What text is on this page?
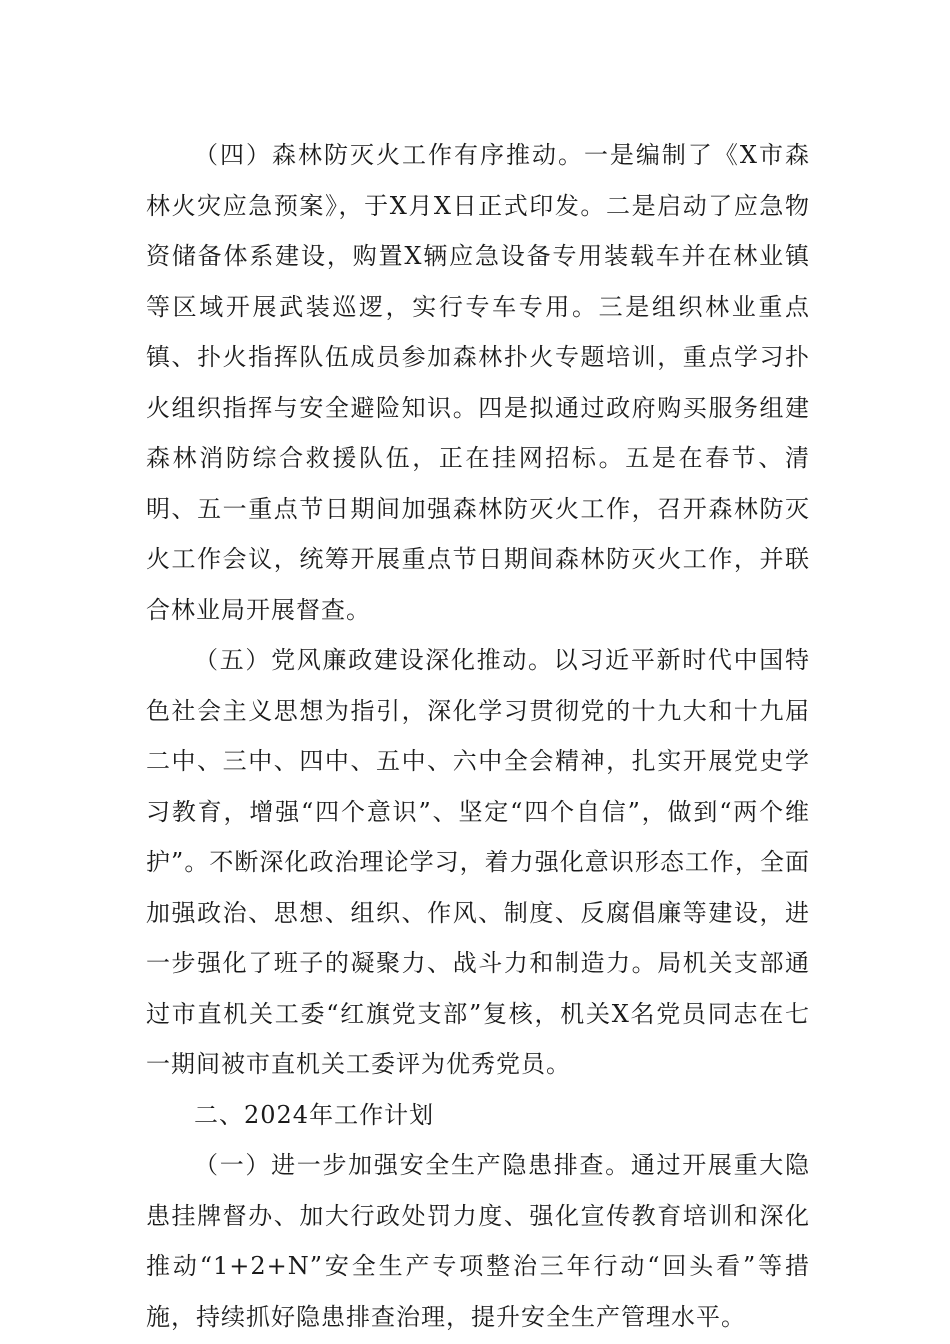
（四）森林防灭火工作有序推动。一是编制了《X市森林火灾应急预案》，于X月X日正式印发。二是启动了应急物资储备体系建设，购置X辆应急设备专用装载车并在林业镇等区域开展武装巡逻，实行专车专用。三是组织林业重点镇、扑火指挥队伍成员参加森林扑火专题培训，重点学习扑火组织指挥与安全避险知识。四是拟通过政府购买服务组建森林消防综合救援队伍，正在挂网招标。五是在春节、清明、五一重点节日期间加强森林防灭火工作，召开森林防灭火工作会议，统筹开展重点节日期间森林防灭火工作，并联合林业局开展督查。

（五）党风廉政建设深化推动。以习近平新时代中国特色社会主义思想为指引，深化学习贯彻党的十九大和十九届二中、三中、四中、五中、六中全会精神，扎实开展党史学习教育，增强“四个意识”、坚定“四个自信”，做到“两个维护”。不断深化政治理论学习，着力强化意识形态工作，全面加强政治、思想、组织、作风、制度、反腐倡廉等建设，进一步强化了班子的凝聚力、战斗力和制造力。局机关支部通过市直机关工委“红旗党支部”复核，机关X名党员同志在七一期间被市直机关工委评为优秀党员。

二、2024年工作计划

（一）进一步加强安全生产隐患排查。通过开展重大隐患挂牌督办、加大行政处罚力度、强化宣传教育培训和深化推动“1+2+N”安全生产专项整治三年行动“回头看”等措施，持续抓好隐患排查治理，提升安全生产管理水平。
